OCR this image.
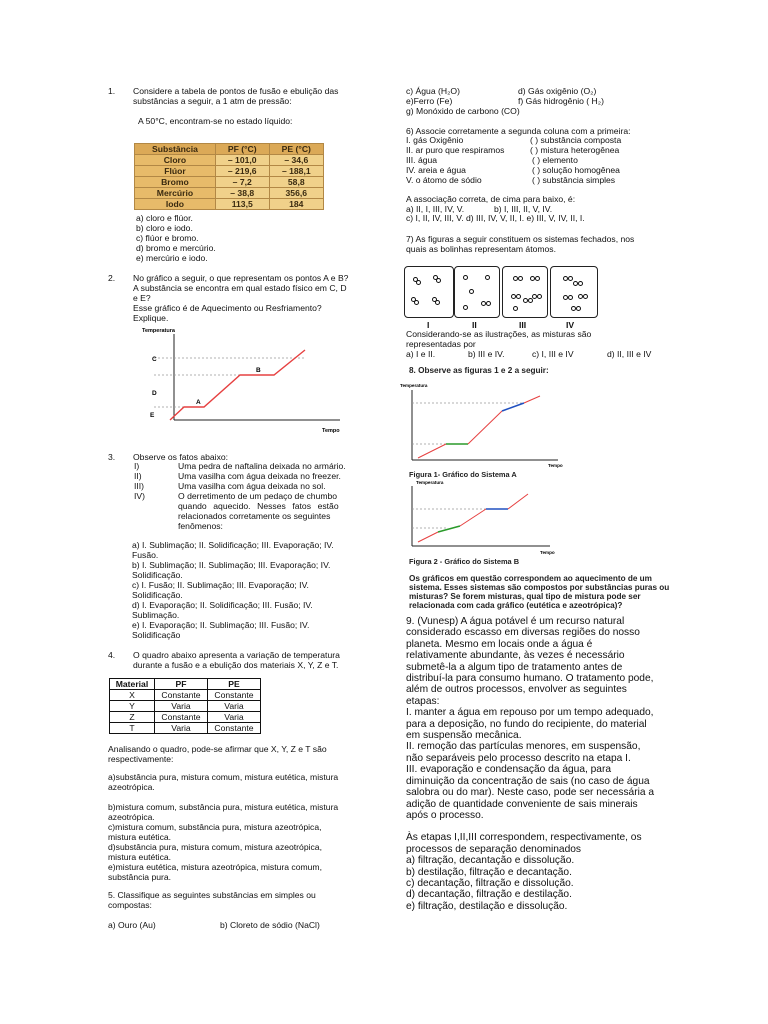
1. Considere a tabela de pontos de fusão e ebulição das
substâncias a seguir, a 1 atm de pressão:
A 50°C, encontram-se no estado líquido:
Substância	PF (°C)	PE (°C)
Cloro	– 101,0	– 34,6
Flúor	– 219,6	– 188,1
Bromo	– 7,2	58,8
Mercúrio	– 38,8	356,6
Iodo	113,5	184
a) cloro e flúor.
b) cloro e iodo.
c) flúor e bromo.
d) bromo e mercúrio.
e) mercúrio e iodo.
2. No gráfico a seguir, o que representam os pontos A e B?
A substância se encontra em qual estado físico em C, D
e E?
Esse gráfico é de Aquecimento ou Resfriamento?
Explique.
Temperatura
Tempo
C
D
E
A
B
3. Observe os fatos abaixo:
I)	Uma pedra de naftalina deixada no armário.
II)	Uma vasilha com água deixada no freezer.
III)	Uma vasilha com água deixada no sol.
IV)	O derretimento de um pedaço de chumbo
quando aquecido. Nesses fatos estão
relacionados corretamente os seguintes
fenômenos:
a) I. Sublimação; II. Solidificação; III. Evaporação; IV.
Fusão.
b) I. Sublimação; II. Sublimação; III. Evaporação; IV.
Solidificação.
c) I. Fusão; II. Sublimação; III. Evaporação; IV.
Solidificação.
d) I. Evaporação; II. Solidificação; III. Fusão; IV.
Sublimação.
e) I. Evaporação; II. Sublimação; III. Fusão; IV.
Solidificação
4. O quadro abaixo apresenta a variação de temperatura
durante a fusão e a ebulição dos materiais X, Y, Z e T.
Material	PF	PE
X	Constante	Constante
Y	Varia	Varia
Z	Constante	Varia
T	Varia	Constante
Analisando o quadro, pode-se afirmar que X, Y, Z e T são
respectivamente:
a)substância pura, mistura comum, mistura eutética, mistura
azeotrópica.
b)mistura comum, substância pura, mistura eutética, mistura
azeotrópica.
c)mistura comum, substância pura, mistura azeotrópica,
mistura eutética.
d)substância pura, mistura comum, mistura azeotrópica,
mistura eutética.
e)mistura eutética, mistura azeotrópica, mistura comum,
substância pura.
5. Classifique as seguintes substâncias em simples ou
compostas:
a) Ouro (Au)	b) Cloreto de sódio (NaCl)
c) Água (H₂O)	d) Gás oxigênio (O₂)
e)Ferro (Fe)	f) Gás hidrogênio ( H₂)
g) Monóxido de carbono (CO)
6) Associe corretamente a segunda coluna com a primeira:
I. gás Oxigênio
II. ar puro que respiramos
III. água
IV. areia e água
V. o átomo de sódio
( ) substância composta
( ) mistura heterogênea
( ) elemento
( ) solução homogênea
( ) substância simples
A associação correta, de cima para baixo, é:
a) II, I, III, IV, V.	b) I, III, II, V, IV.
c) I, II, IV, III, V. d) III, IV, V, II, I. e) III, V, IV, II, I.
7) As figuras a seguir constituem os sistemas fechados, nos
quais as bolinhas representam átomos.
I	II	III	IV
Considerando-se as ilustrações, as misturas são
representadas por
a) I e II.	b) III e IV.	c) I, III e IV	d) II, III e IV
8. Observe as figuras 1 e 2 a seguir:
Temperatura
Tempo
Figura 1- Gráfico do Sistema A
Temperatura
Tempo
Figura 2 - Gráfico do Sistema B
Os gráficos em questão correspondem ao aquecimento de um
sistema. Esses sistemas são compostos por substâncias puras ou
misturas? Se forem misturas, qual tipo de mistura pode ser
relacionada com cada gráfico (eutética e azeotrópica)?
9. (Vunesp) A água potável é um recurso natural
considerado escasso em diversas regiões do nosso
planeta. Mesmo em locais onde a água é
relativamente abundante, às vezes é necessário
submetê-la a algum tipo de tratamento antes de
distribuí-la para consumo humano. O tratamento pode,
além de outros processos, envolver as seguintes
etapas:
I. manter a água em repouso por um tempo adequado,
para a deposição, no fundo do recipiente, do material
em suspensão mecânica.
II. remoção das partículas menores, em suspensão,
não separáveis pelo processo descrito na etapa I.
III. evaporação e condensação da água, para
diminuição da concentração de sais (no caso de água
salobra ou do mar). Neste caso, pode ser necessária a
adição de quantidade conveniente de sais minerais
após o processo.
Às etapas I,II,III correspondem, respectivamente, os
processos de separação denominados
a) filtração, decantação e dissolução.
b) destilação, filtração e decantação.
c) decantação, filtração e dissolução.
d) decantação, filtração e destilação.
e) filtração, destilação e dissolução.
